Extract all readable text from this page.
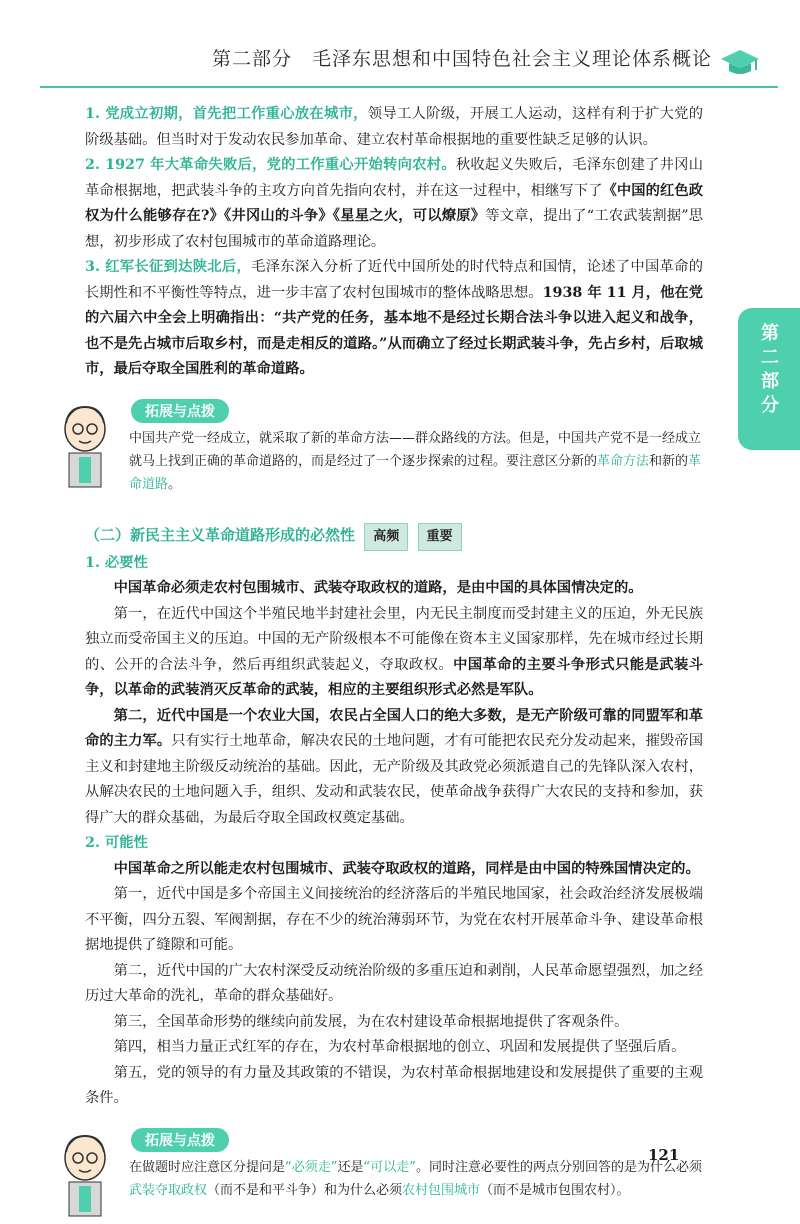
第二部分　毛泽东思想和中国特色社会主义理论体系概论
第二部分

1. 党成立初期，首先把工作重心放在城市，领导工人阶级，开展工人运动，这样有利于扩大党的阶级基础。但当时对于发动农民参加革命、建立农村革命根据地的重要性缺乏足够的认识。

2. 1927 年大革命失败后，党的工作重心开始转向农村。秋收起义失败后，毛泽东创建了井冈山革命根据地，把武装斗争的主攻方向首先指向农村，并在这一过程中，相继写下了《中国的红色政权为什么能够存在?》《井冈山的斗争》《星星之火，可以燎原》等文章，提出了“工农武装割据”思想，初步形成了农村包围城市的革命道路理论。

3. 红军长征到达陕北后，毛泽东深入分析了近代中国所处的时代特点和国情，论述了中国革命的长期性和不平衡性等特点，进一步丰富了农村包围城市的整体战略思想。1938 年 11 月，他在党的六届六中全会上明确指出：“共产党的任务，基本地不是经过长期合法斗争以进入起义和战争，也不是先占城市后取乡村，而是走相反的道路。”从而确立了经过长期武装斗争，先占乡村，后取城市，最后夺取全国胜利的革命道路。

拓展与点拨
中国共产党一经成立，就采取了新的革命方法——群众路线的方法。但是，中国共产党不是一经成立就马上找到正确的革命道路的，而是经过了一个逐步探索的过程。要注意区分新的革命方法和新的革命道路。
（二）新民主主义革命道路形成的必然性 高频 重要
1. 必要性

中国革命必须走农村包围城市、武装夺取政权的道路，是由中国的具体国情决定的。

第一，在近代中国这个半殖民地半封建社会里，内无民主制度而受封建主义的压迫，外无民族独立而受帝国主义的压迫。中国的无产阶级根本不可能像在资本主义国家那样，先在城市经过长期的、公开的合法斗争，然后再组织武装起义，夺取政权。中国革命的主要斗争形式只能是武装斗争，以革命的武装消灭反革命的武装，相应的主要组织形式必然是军队。

第二，近代中国是一个农业大国，农民占全国人口的绝大多数，是无产阶级可靠的同盟军和革命的主力军。只有实行土地革命，解决农民的土地问题，才有可能把农民充分发动起来，摧毁帝国主义和封建地主阶级反动统治的基础。因此，无产阶级及其政党必须派遣自己的先锋队深入农村，从解决农民的土地问题入手，组织、发动和武装农民，使革命战争获得广大农民的支持和参加，获得广大的群众基础，为最后夺取全国政权奠定基础。

2. 可能性

中国革命之所以能走农村包围城市、武装夺取政权的道路，同样是由中国的特殊国情决定的。

第一，近代中国是多个帝国主义间接统治的经济落后的半殖民地国家，社会政治经济发展极端不平衡，四分五裂、军阀割据，存在不少的统治薄弱环节，为党在农村开展革命斗争、建设革命根据地提供了缝隙和可能。

第二，近代中国的广大农村深受反动统治阶级的多重压迫和剥削，人民革命愿望强烈，加之经历过大革命的洗礼，革命的群众基础好。

第三，全国革命形势的继续向前发展，为在农村建设革命根据地提供了客观条件。

第四，相当力量正式红军的存在，为农村革命根据地的创立、巩固和发展提供了坚强后盾。

第五，党的领导的有力量及其政策的不错误，为农村革命根据地建设和发展提供了重要的主观条件。

拓展与点拨
在做题时应注意区分提问是“必须走”还是“可以走”。同时注意必要性的两点分别回答的是为什么必须武装夺取政权（而不是和平斗争）和为什么必须农村包围城市（而不是城市包围农村）。
121
